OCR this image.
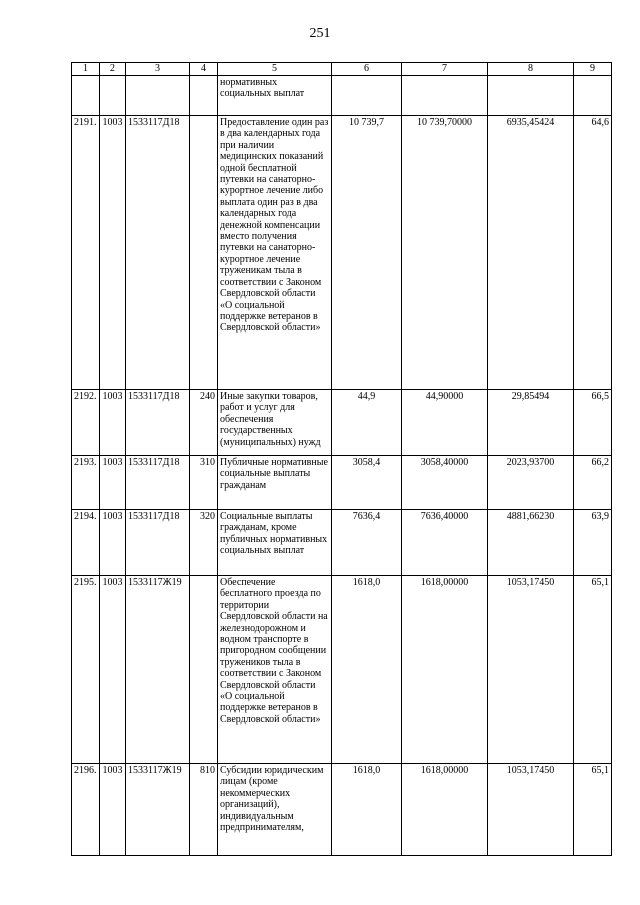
251
1	2	3	4	5	6	7	8	9
				нормативных социальных выплат				
2191.	1003	1533117Д18		Предоставление один раз в два календарных года при наличии медицинских показаний одной бесплатной путевки на санаторно-курортное лечение либо выплата один раз в два календарных года денежной компенсации вместо получения путевки на санаторно-курортное лечение труженикам тыла в соответствии с Законом Свердловской области «О социальной поддержке ветеранов в Свердловской области»	10 739,7	10 739,70000	6935,45424	64,6
2192.	1003	1533117Д18	240	Иные закупки товаров, работ и услуг для обеспечения государственных (муниципальных) нужд	44,9	44,90000	29,85494	66,5
2193.	1003	1533117Д18	310	Публичные нормативные социальные выплаты гражданам	3058,4	3058,40000	2023,93700	66,2
2194.	1003	1533117Д18	320	Социальные выплаты гражданам, кроме публичных нормативных социальных выплат	7636,4	7636,40000	4881,66230	63,9
2195.	1003	1533117Ж19		Обеспечение бесплатного проезда по территории Свердловской области на железнодорожном и водном транспорте в пригородном сообщении тружеников тыла в соответствии с Законом Свердловской области «О социальной поддержке ветеранов в Свердловской области»	1618,0	1618,00000	1053,17450	65,1
2196.	1003	1533117Ж19	810	Субсидии юридическим лицам (кроме некоммерческих организаций), индивидуальным предпринимателям,	1618,0	1618,00000	1053,17450	65,1
